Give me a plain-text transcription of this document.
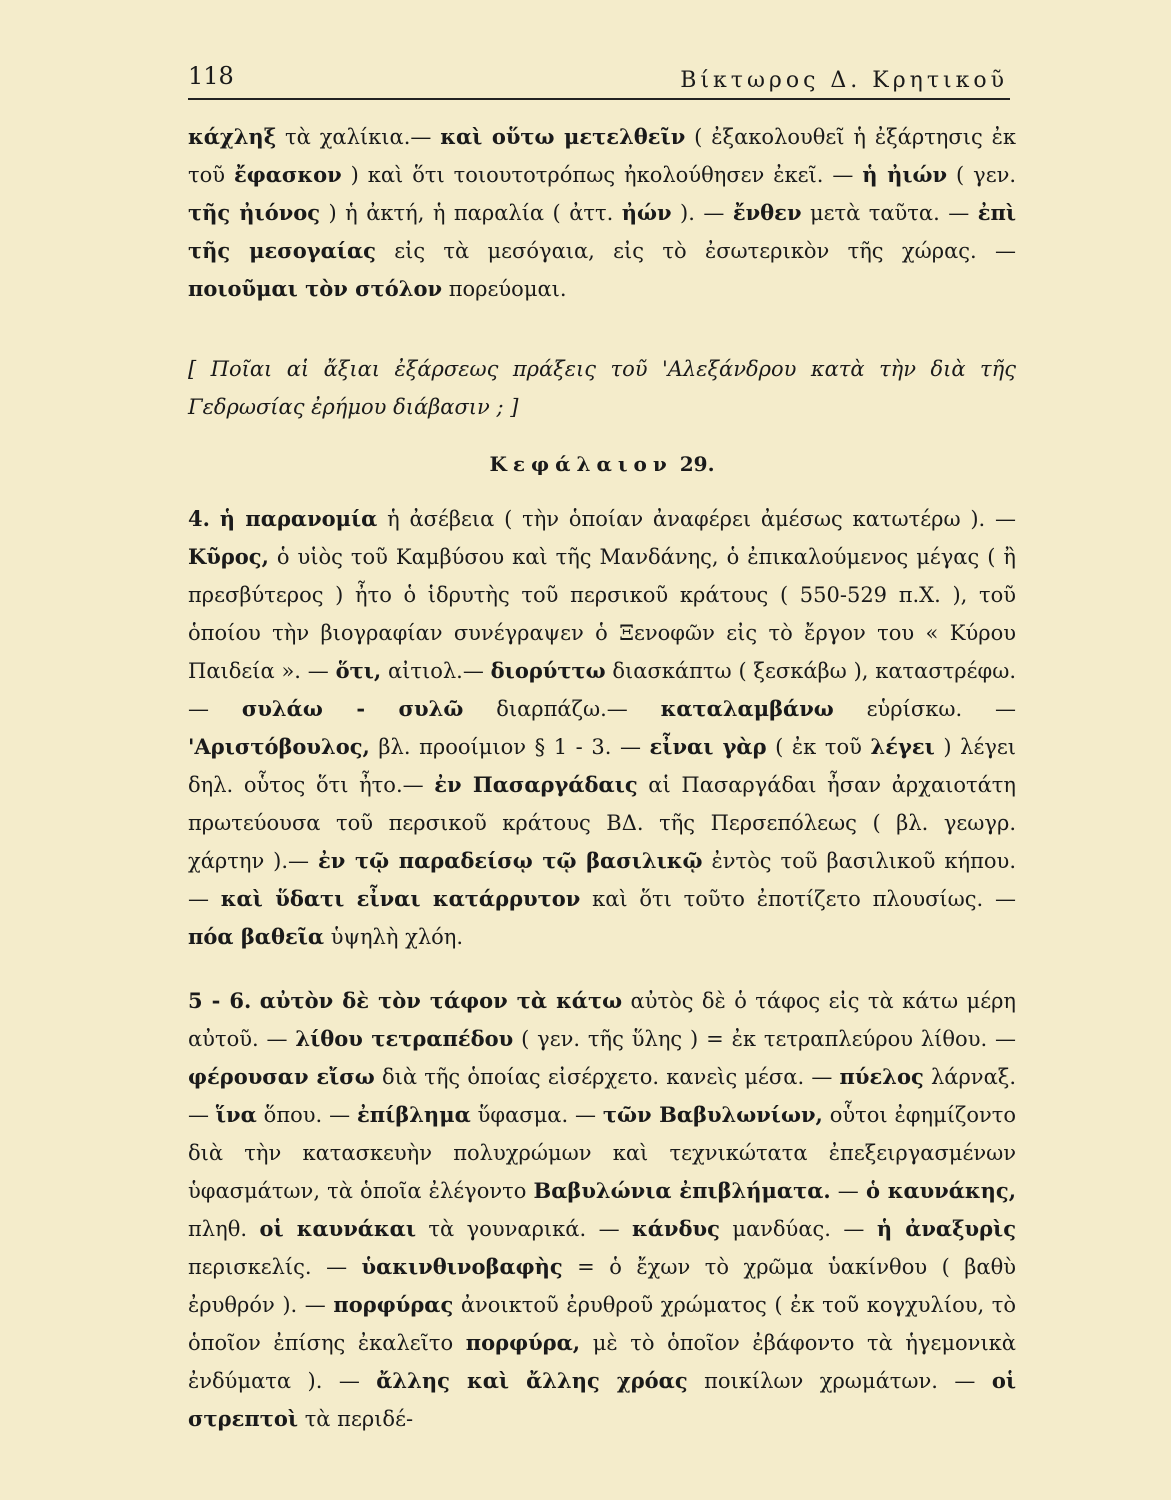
118	Βίκτωρος Δ. Κρητικοῦ

κάχληξ τὰ χαλίκια.— καὶ οὕτω μετελθεῖν ( ἐξακολουθεῖ ἡ ἐξάρτησις ἐκ τοῦ ἔφασκον ) καὶ ὅτι τοιουτοτρόπως ἠκολούθησεν ἐκεῖ. — ἡ ἠιών ( γεν. τῆς ἠιόνος ) ἡ ἀκτή, ἡ παραλία ( ἀττ. ἠών ). — ἔνθεν μετὰ ταῦτα. — ἐπὶ τῆς μεσογαίας εἰς τὰ μεσόγαια, εἰς τὸ ἐσωτερικὸν τῆς χώρας. — ποιοῦμαι τὸν στόλον πορεύομαι.

[ Ποῖαι αἱ ἄξιαι ἐξάρσεως πράξεις τοῦ 'Αλεξάνδρου κατὰ τὴν διὰ τῆς Γεδρωσίας ἐρήμου διάβασιν ; ]

Κεφάλαιον 29.

4. ἡ παρανομία ἡ ἀσέβεια ( τὴν ὁποίαν ἀναφέρει ἀμέσως κατωτέρω ). — Κῦρος, ὁ υἱὸς τοῦ Καμβύσου καὶ τῆς Μανδάνης, ὁ ἐπικαλούμενος μέγας ( ἢ πρεσβύτερος ) ἦτο ὁ ἱδρυτὴς τοῦ περσικοῦ κράτους ( 550-529 π.Χ. ), τοῦ ὁποίου τὴν βιογραφίαν συνέγραψεν ὁ Ξενοφῶν εἰς τὸ ἔργον του « Κύρου Παιδεία ». — ὅτι, αἰτιολ.— διορύττω διασκάπτω ( ξεσκάβω ), καταστρέφω.— συλάω - συλῶ διαρπάζω.— καταλαμβάνω εὑρίσκω. — 'Αριστόβουλος, βλ. προοίμιον § 1 - 3. — εἶναι γὰρ ( ἐκ τοῦ λέγει ) λέγει δηλ. οὗτος ὅτι ἦτο.— ἐν Πασαργάδαις αἱ Πασαργάδαι ἦσαν ἀρχαιοτάτη πρωτεύουσα τοῦ περσικοῦ κράτους ΒΔ. τῆς Περσεπόλεως ( βλ. γεωγρ. χάρτην ).— ἐν τῷ παραδείσῳ τῷ βασιλικῷ ἐντὸς τοῦ βασιλικοῦ κήπου. — καὶ ὕδατι εἶναι κατάρρυτον καὶ ὅτι τοῦτο ἐποτίζετο πλουσίως. — πόα βαθεῖα ὑψηλὴ χλόη.

5 - 6. αὐτὸν δὲ τὸν τάφον τὰ κάτω αὐτὸς δὲ ὁ τάφος εἰς τὰ κάτω μέρη αὐτοῦ. — λίθου τετραπέδου ( γεν. τῆς ὕλης ) = ἐκ τετραπλεύρου λίθου. — φέρουσαν εἴσω διὰ τῆς ὁποίας εἰσέρχετο. κανεὶς μέσα. — πύελος λάρναξ. — ἵνα ὅπου. — ἐπίβλημα ὕφασμα. — τῶν Βαβυλωνίων, οὗτοι ἐφημίζοντο διὰ τὴν κατασκευὴν πολυχρώμων καὶ τεχνικώτατα ἐπεξειργασμένων ὑφασμάτων, τὰ ὁποῖα ἐλέγοντο Βαβυλώνια ἐπιβλήματα. — ὁ καυνάκης, πληθ. οἱ καυνάκαι τὰ γουναρικά. — κάνδυς μανδύας. — ἡ ἀναξυρὶς περισκελίς. — ὑακινθινοβαφὴς = ὁ ἔχων τὸ χρῶμα ὑακίνθου ( βαθὺ ἐρυθρόν ). — πορφύρας ἀνοικτοῦ ἐρυθροῦ χρώματος ( ἐκ τοῦ κογχυλίου, τὸ ὁποῖον ἐπίσης ἐκαλεῖτο πορφύρα, μὲ τὸ ὁποῖον ἐβάφοντο τὰ ἡγεμονικὰ ἐνδύματα ). — ἄλλης καὶ ἄλλης χρόας ποικίλων χρωμάτων. — οἱ στρεπτοὶ τὰ περιδέ-
